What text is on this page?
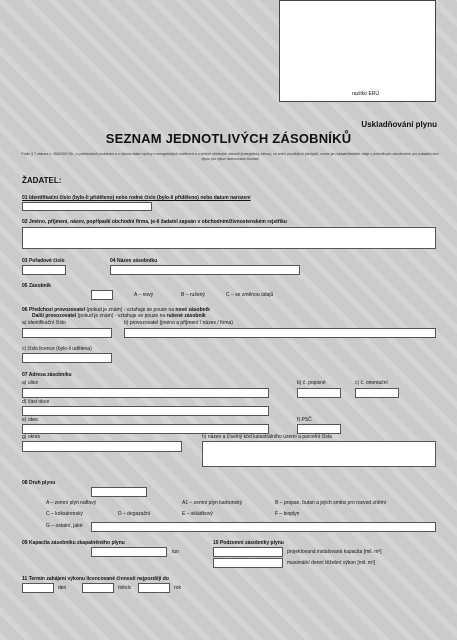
razítko ERÚ
Uskladňování plynu
SEZNAM JEDNOTLIVÝCH ZÁSOBNÍKŮ
Podle § 7 zákona č. 458/2000 Sb., o podmínkách podnikání a o výkonu státní správy v energetických odvětvích a o změně některých zákonů (energetický zákon), ve znění pozdějších předpisů, uvede jen žadatel/žadatel zdaje o jednotlivých zásobnících pro uskladňování plynu pro výkon licencované činnosti
ŽADATEL:
01 Identifikační číslo (bylo-li přiděleno) nebo rodné číslo (bylo-li přiděleno) nebo datum narození
02 Jméno, příjmení, název, popřípadě obchodní firma, je-li žadatel zapsán v obchodním/živnostenském rejstříku
03 Pořadové číslo	04 Název zásobníku
05 Zásobník
A – nový	B – rušený	C – se změnou údajů
06 Předchozí provozovatel (pokud je znám) - vztahuje se pouze na nové zásobník
Další provozovatel (pokud je znám) - vztahuje se pouze na rušené zásobník
a) identifikační číslo	b) provozovatel (jméno a příjmení / název / firma)
c) číslo licence (bylo-li udělena)
07 Adresa zásobníku
a) ulice	b) č. popisné	c) č. orientační
d) část obce
e) obec	f) PSČ
g) okres	h) název a číselný kód katastrálního území a parcelní čísla
08 Druh plynu
A – zemní plyn naftový	A1 – zemní plyn karbonský	B – propan, butan a jejich směsi pro rozvod sítěmi
C – koksárenský	D – degazační	E – skládkový	F – bioplyn
G – ostatní, jaké:
09 Kapacita zásobníku zkapalněného plynu
tun
10 Podzemní zásobníky plynu
projektovaná instalovaná kapacita [mil. m³]
maximální denní těžební výkon [mil. m³]
11 Termín zahájení výkonu licencované činnosti nejpozději do
den	měsíc	rok
